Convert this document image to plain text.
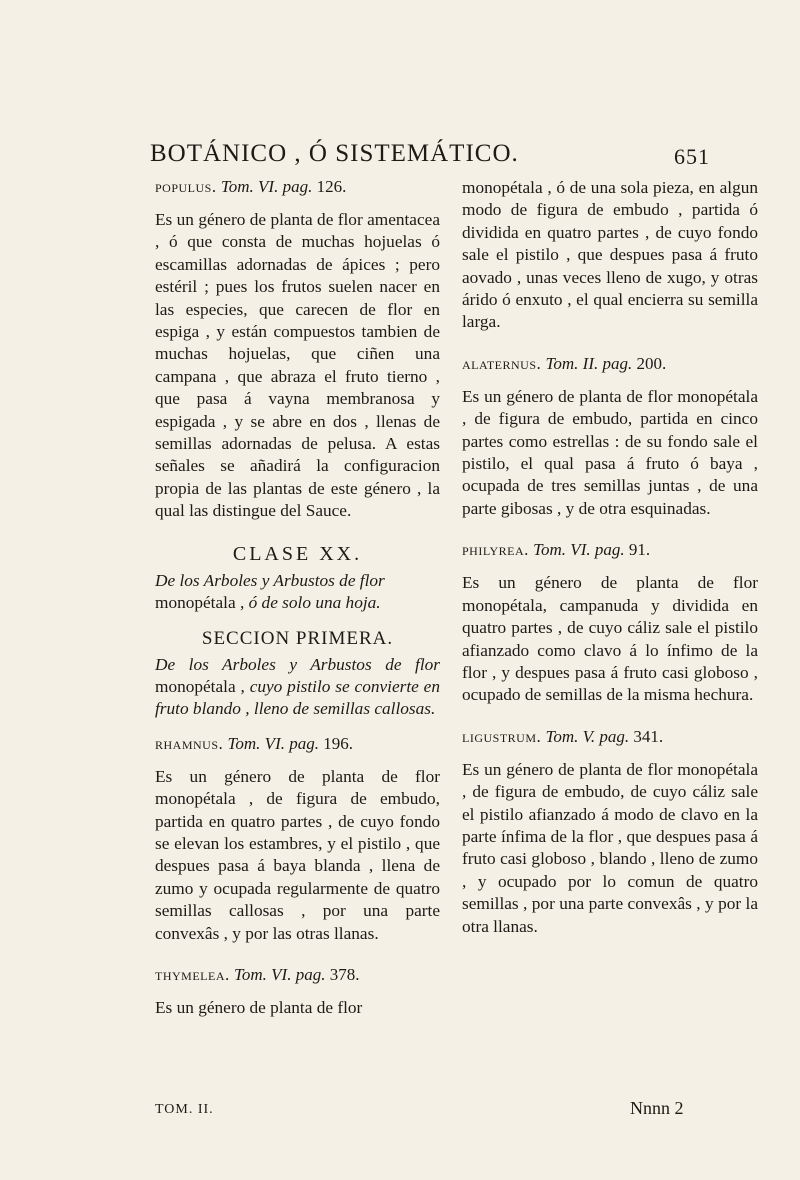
BOTÁNICO , Ó SISTEMÁTICO.	651
populus. Tom. VI. pag. 126.

Es un género de planta de flor amentacea , ó que consta de muchas hojuelas ó escamillas adornadas de ápices ; pero estéril ; pues los frutos suelen nacer en las especies, que carecen de flor en espiga , y están compuestos tambien de muchas hojuelas, que ciñen una campana , que abraza el fruto tierno , que pasa á vayna membranosa y espigada , y se abre en dos , llenas de semillas adornadas de pelusa. A estas señales se añadirá la configuracion propia de las plantas de este género , la qual las distingue del Sauce.

CLASE XX.
De los Arboles y Arbustos de flor
monopétala , ó de solo una hoja.
SECCION PRIMERA.
De los Arboles y Arbustos de flor monopétala , cuyo pistilo se convierte en fruto blando , lleno de semillas callosas.
rhamnus. Tom. VI. pag. 196.

Es un género de planta de flor monopétala , de figura de embudo, partida en quatro partes , de cuyo fondo se elevan los estambres, y el pistilo , que despues pasa á baya blanda , llena de zumo y ocupada regularmente de quatro semillas callosas , por una parte convexâs , y por las otras llanas.

thymelea. Tom. VI. pag. 378.

Es un género de planta de flor

monopétala , ó de una sola pieza, en algun modo de figura de embudo , partida ó dividida en quatro partes , de cuyo fondo sale el pistilo , que despues pasa á fruto aovado , unas veces lleno de xugo, y otras árido ó enxuto , el qual encierra su semilla larga.

alaternus. Tom. II. pag. 200.

Es un género de planta de flor monopétala , de figura de embudo, partida en cinco partes como estrellas : de su fondo sale el pistilo, el qual pasa á fruto ó baya , ocupada de tres semillas juntas , de una parte gibosas , y de otra esquinadas.

philyrea. Tom. VI. pag. 91.

Es un género de planta de flor monopétala, campanuda y dividida en quatro partes , de cuyo cáliz sale el pistilo afianzado como clavo á lo ínfimo de la flor , y despues pasa á fruto casi globoso , ocupado de semillas de la misma hechura.

ligustrum. Tom. V. pag. 341.

Es un género de planta de flor monopétala , de figura de embudo, de cuyo cáliz sale el pistilo afianzado á modo de clavo en la parte ínfima de la flor , que despues pasa á fruto casi globoso , blando , lleno de zumo , y ocupado por lo comun de quatro semillas , por una parte convexâs , y por la otra llanas.

TOM. II.	Nnnn 2
